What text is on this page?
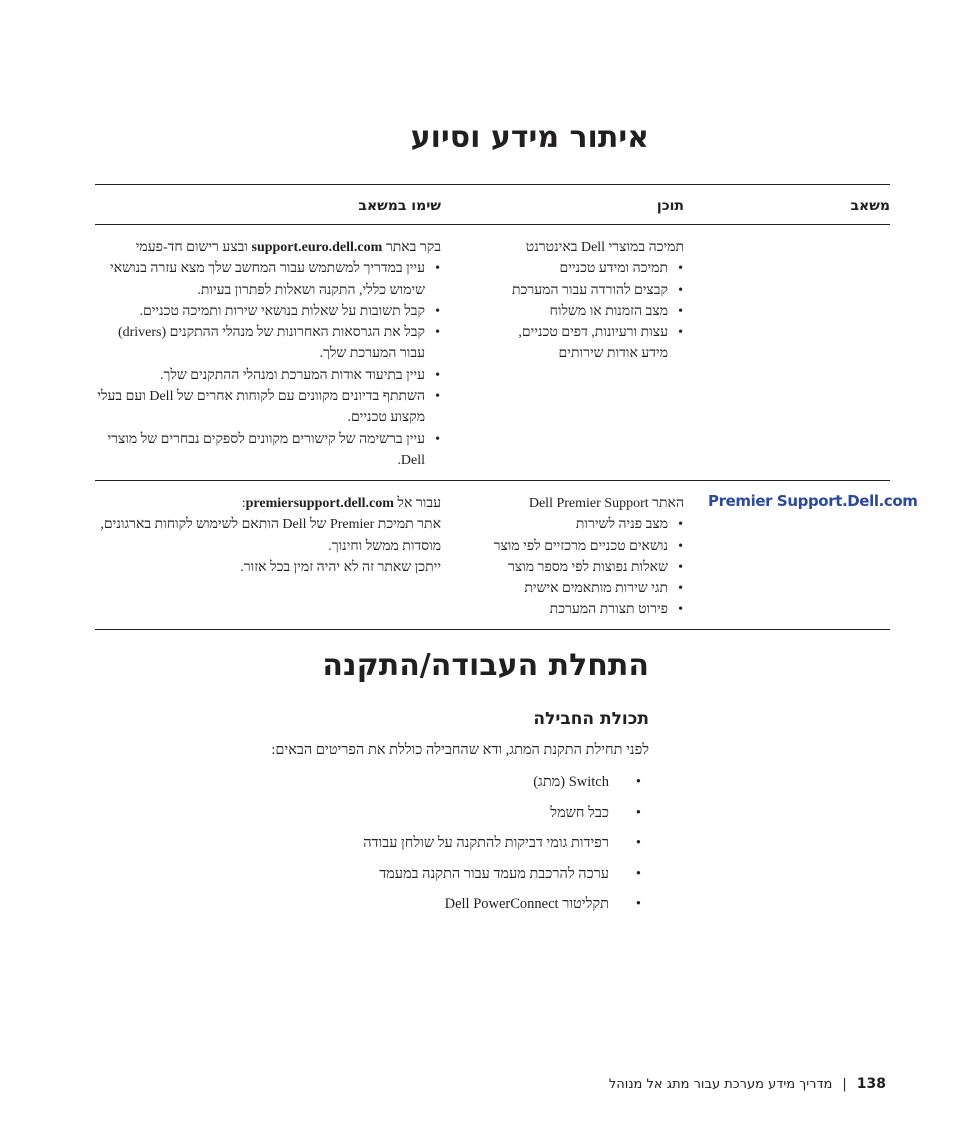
איתור מידע וסיוע
משאב
תוכן
שימו במשאב
תמיכה במוצרי Dell באינטרנט
• תמיכה ומידע טכניים
• קבצים להורדה עבור המערכת
• מצב הזמנות או משלוח
• עצות ורעיונות, דפים טכניים, מידע אודות שירותים
בקר באתר support.euro.dell.com ובצע רישום חד-פעמי
• עיין במדריך למשתמש עבור המחשב שלך מצא עזרה בנושאי שימוש כללי, התקנה ושאלות לפתרון בעיות.
• קבל תשובות על שאלות בנושאי שירות ותמיכה טכניים.
• קבל את הגרסאות האחרונות של מנהלי ההתקנים (drivers) עבור המערכת שלך.
• עיין בתיעוד אודות המערכת ומנהלי ההתקנים שלך.
• השתתף בדיונים מקוונים עם לקוחות אחרים של Dell ועם בעלי מקצוע טכניים.
• עיין ברשימה של קישורים מקוונים לספקים נבחרים של מוצרי Dell.
Premier Support.Dell.com
האתר Dell Premier Support
• מצב פניה לשירות
• נושאים טכניים מרכזיים לפי מוצר
• שאלות נפוצות לפי מספר מוצר
• תגי שירות מותאמים אישית
• פירוט תצורת המערכת
עבור אל premiersupport.dell.com:
אתר תמיכת Premier של Dell הותאם לשימוש לקוחות בארגונים, מוסדות ממשל וחינוך.
ייתכן שאתר זה לא יהיה זמין בכל אזור.
התחלת העבודה/התקנה
תכולת החבילה
לפני תחילת התקנת המתג, ודא שהחבילה כוללת את הפריטים הבאים:
• Switch (מתג)
• כבל חשמל
• רפידות גומי דביקות להתקנה על שולחן עבודה
• ערכה להרכבת מעמד עבור התקנה במעמד
• תקליטור Dell PowerConnect
138|מדריך מידע מערכת עבור מתג אל מנוהל
